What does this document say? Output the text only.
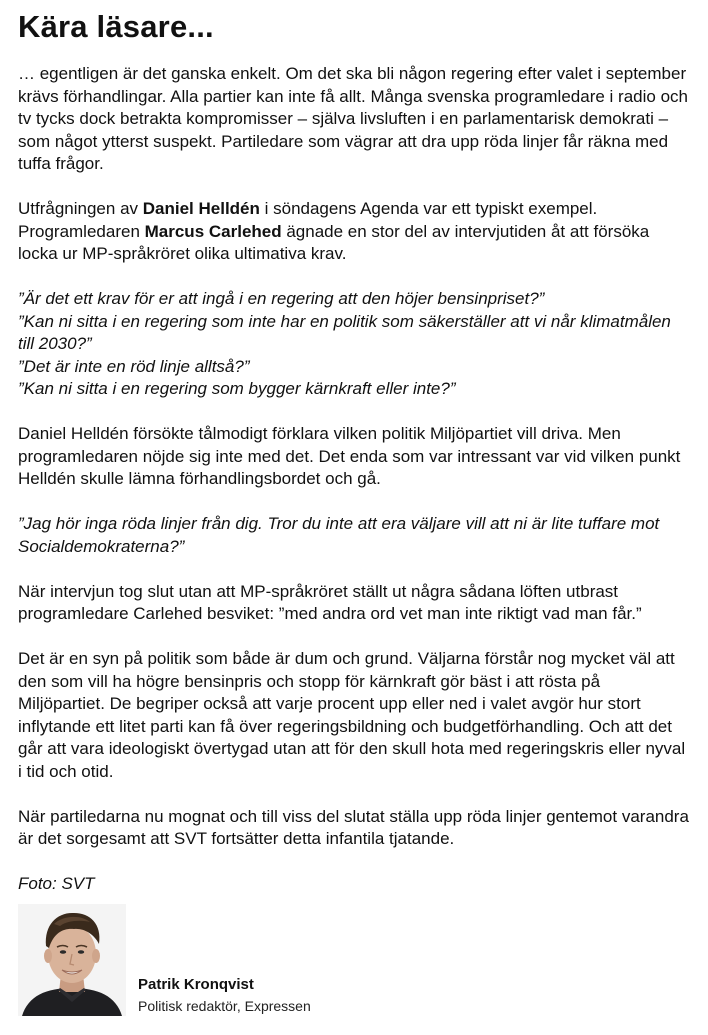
Kära läsare...
… egentligen är det ganska enkelt. Om det ska bli någon regering efter valet i september krävs förhandlingar. Alla partier kan inte få allt. Många svenska programledare i radio och tv tycks dock betrakta kompromisser – själva livsluften i en parlamentarisk demokrati – som något ytterst suspekt. Partiledare som vägrar att dra upp röda linjer får räkna med tuffa frågor.
Utfrågningen av Daniel Helldén i söndagens Agenda var ett typiskt exempel. Programledaren Marcus Carlehed ägnade en stor del av intervjutiden åt att försöka locka ur MP-språkröret olika ultimativa krav.

”Är det ett krav för er att ingå i en regering att den höjer bensinpriset?”

”Kan ni sitta i en regering som inte har en politik som säkerställer att vi når klimatmålen till 2030?”

”Det är inte en röd linje alltså?”

”Kan ni sitta i en regering som bygger kärnkraft eller inte?”

Daniel Helldén försökte tålmodigt förklara vilken politik Miljöpartiet vill driva. Men programledaren nöjde sig inte med det. Det enda som var intressant var vid vilken punkt Helldén skulle lämna förhandlingsbordet och gå.
”Jag hör inga röda linjer från dig. Tror du inte att era väljare vill att ni är lite tuffare mot Socialdemokraterna?”
När intervjun tog slut utan att MP-språkröret ställt ut några sådana löften utbrast programledare Carlehed besviket: ”med andra ord vet man inte riktigt vad man får.”
Det är en syn på politik som både är dum och grund. Väljarna förstår nog mycket väl att den som vill ha högre bensinpris och stopp för kärnkraft gör bäst i att rösta på Miljöpartiet. De begriper också att varje procent upp eller ned i valet avgör hur stort inflytande ett litet parti kan få över regeringsbildning och budgetförhandling. Och att det går att vara ideologiskt övertygad utan att för den skull hota med regeringskris eller nyval i tid och otid.
När partiledarna nu mognat och till viss del slutat ställa upp röda linjer gentemot varandra är det sorgesamt att SVT fortsätter detta infantila tjatande.
Foto: SVT
Patrik Kronqvist
Politisk redaktör, Expressen
